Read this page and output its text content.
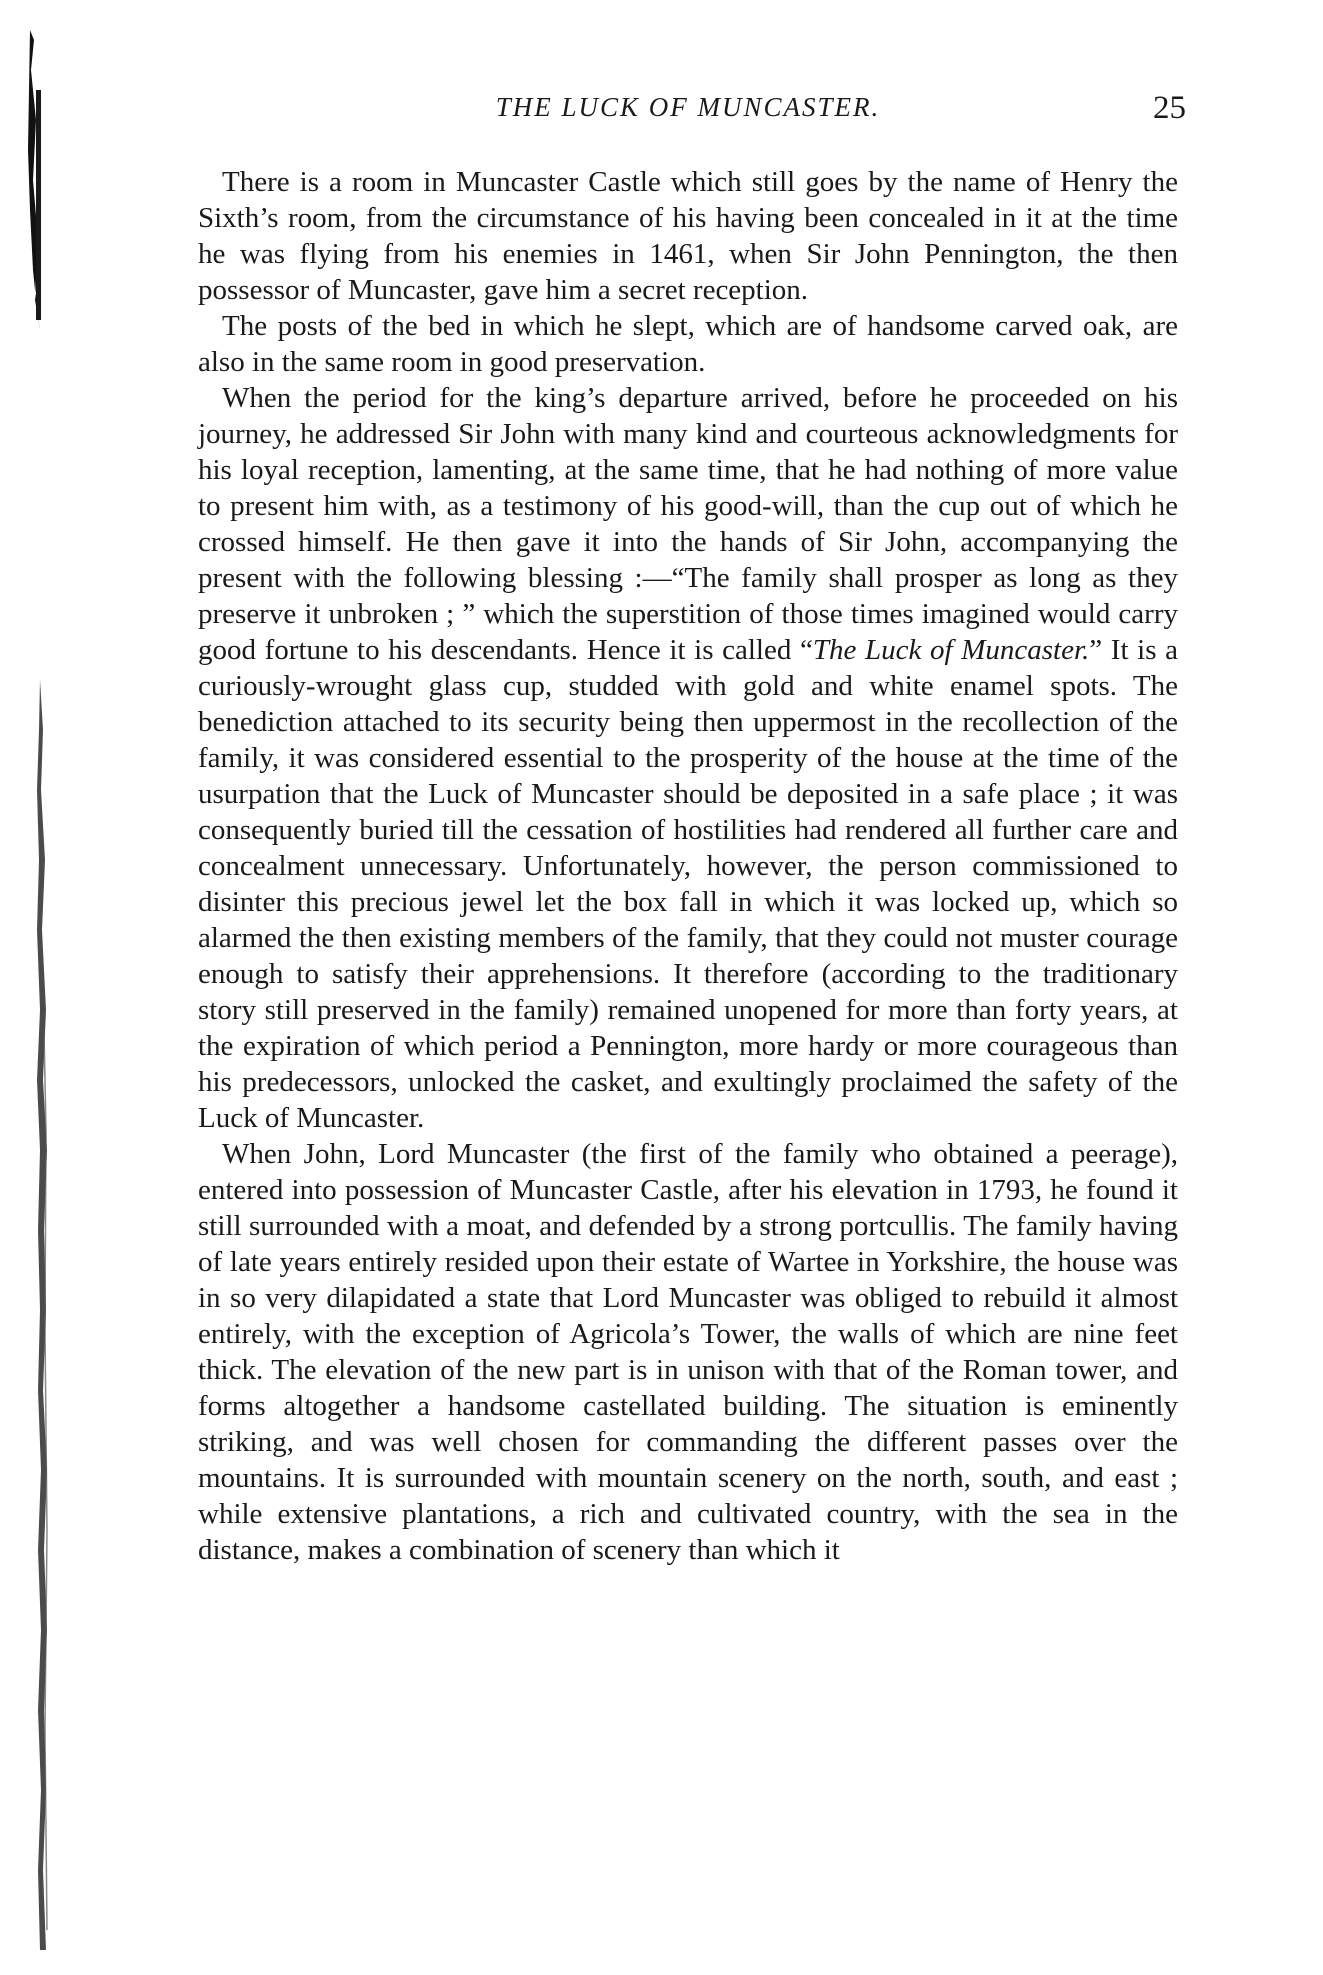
THE LUCK OF MUNCASTER.	25

There is a room in Muncaster Castle which still goes by the name of Henry the Sixth’s room, from the circumstance of his having been concealed in it at the time he was flying from his enemies in 1461, when Sir John Pennington, the then possessor of Muncaster, gave him a secret reception.

The posts of the bed in which he slept, which are of handsome carved oak, are also in the same room in good preservation.

When the period for the king’s departure arrived, before he proceeded on his journey, he addressed Sir John with many kind and courteous acknowledgments for his loyal reception, lamenting, at the same time, that he had nothing of more value to present him with, as a testimony of his good-will, than the cup out of which he crossed himself. He then gave it into the hands of Sir John, accompanying the present with the following blessing :—“The family shall prosper as long as they preserve it unbroken ; ” which the superstition of those times imagined would carry good fortune to his descendants. Hence it is called “The Luck of Muncaster.” It is a curiously-wrought glass cup, studded with gold and white enamel spots. The benediction attached to its security being then uppermost in the recollection of the family, it was considered essential to the prosperity of the house at the time of the usurpation that the Luck of Muncaster should be deposited in a safe place ; it was consequently buried till the cessation of hostilities had rendered all further care and concealment unnecessary. Unfortunately, however, the person commissioned to disinter this precious jewel let the box fall in which it was locked up, which so alarmed the then existing members of the family, that they could not muster courage enough to satisfy their apprehensions. It therefore (according to the traditionary story still preserved in the family) remained unopened for more than forty years, at the expiration of which period a Pennington, more hardy or more courageous than his predecessors, unlocked the casket, and exultingly proclaimed the safety of the Luck of Muncaster.

When John, Lord Muncaster (the first of the family who obtained a peerage), entered into possession of Muncaster Castle, after his elevation in 1793, he found it still surrounded with a moat, and defended by a strong portcullis. The family having of late years entirely resided upon their estate of Wartee in Yorkshire, the house was in so very dilapidated a state that Lord Muncaster was obliged to rebuild it almost entirely, with the exception of Agricola’s Tower, the walls of which are nine feet thick. The elevation of the new part is in unison with that of the Roman tower, and forms altogether a handsome castellated building. The situation is eminently striking, and was well chosen for commanding the different passes over the mountains. It is surrounded with mountain scenery on the north, south, and east ; while extensive plantations, a rich and cultivated country, with the sea in the distance, makes a combination of scenery than which it
